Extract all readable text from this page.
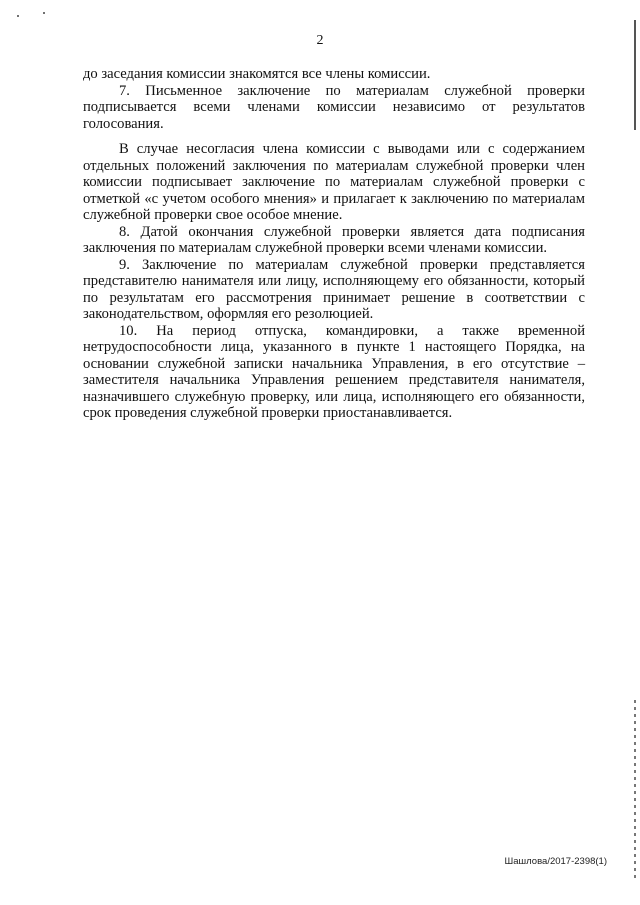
2

до заседания комиссии знакомятся все члены комиссии.

7. Письменное заключение по материалам служебной проверки подписывается всеми членами комиссии независимо от результатов голосования.

В случае несогласия члена комиссии с выводами или с содержанием отдельных положений заключения по материалам служебной проверки член комиссии подписывает заключение по материалам служебной проверки с отметкой «с учетом особого мнения» и прилагает к заключению по материалам служебной проверки свое особое мнение.

8. Датой окончания служебной проверки является дата подписания заключения по материалам служебной проверки всеми членами комиссии.

9. Заключение по материалам служебной проверки представляется представителю нанимателя или лицу, исполняющему его обязанности, который по результатам его рассмотрения принимает решение в соответствии с законодательством, оформляя его резолюцией.

10. На период отпуска, командировки, а также временной нетрудоспособности лица, указанного в пункте 1 настоящего Порядка, на основании служебной записки начальника Управления, в его отсутствие – заместителя начальника Управления решением представителя нанимателя, назначившего служебную проверку, или лица, исполняющего его обязанности, срок проведения служебной проверки приостанавливается.

Шашлова/2017-2398(1)
